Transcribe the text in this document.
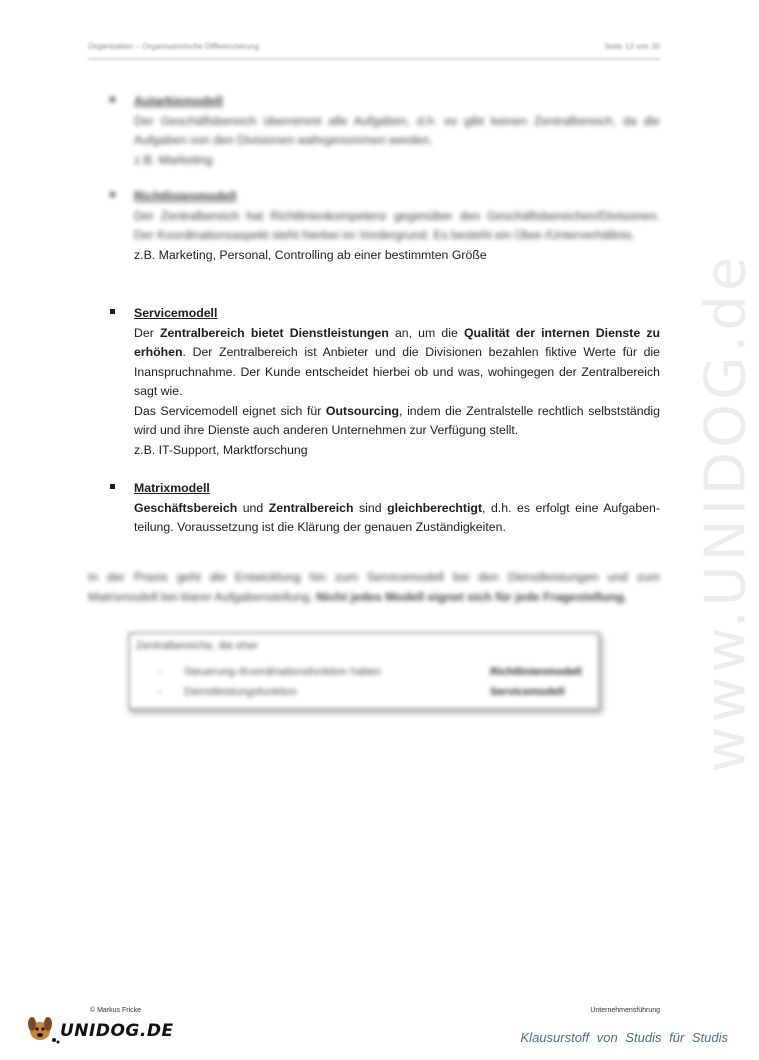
Organisation – Organisatorische Differenzierung	Seite 13 von 30
Autarkiemodell
Der Geschäftsbereich übernimmt alle Aufgaben, d.h. es gibt keinen Zentralbereich, da die Aufgaben von den Divisionen wahrgenommen werden.
z.B. Marketing
Richtlinienmodell
Der Zentralbereich hat Richtlinienkompetenz gegenüber den Geschäftsbereichen/Divisionen. Der Koordinationsaspekt steht hierbei im Vordergrund. Es besteht ein Über-/Unterverhältnis.
z.B. Marketing, Personal, Controlling ab einer bestimmten Größe
Servicemodell
Der Zentralbereich bietet Dienstleistungen an, um die Qualität der internen Dienste zu erhöhen. Der Zentralbereich ist Anbieter und die Divisionen bezahlen fiktive Werte für die Inanspruchnahme. Der Kunde entscheidet hierbei ob und was, wohingegen der Zentralbereich sagt wie.
Das Servicemodell eignet sich für Outsourcing, indem die Zentralstelle rechtlich selbstständig wird und ihre Dienste auch anderen Unternehmen zur Verfügung stellt.
z.B. IT-Support, Marktforschung
Matrixmodell
Geschäftsbereich und Zentralbereich sind gleichberechtigt, d.h. es erfolgt eine Aufgaben-teilung. Voraussetzung ist die Klärung der genauen Zuständigkeiten.
In der Praxis geht die Entwicklung hin zum Servicemodell bei den Dienstleistungen und zum Matrixmodell bei klarer Aufgabenstellung. Nicht jedes Modell eignet sich für jede Fragestellung.
Zentralbereiche, die eher
-	Steuerung-/Koordinationsfunktion haben	Richtlinienmodell
-	Dienstleistungsfunktion	Servicemodell	www.UNIDOG.de
© Markus Fricke	Unternehmensführung
UNIDOG.DE	Klausurstoff von Studis für Studis
